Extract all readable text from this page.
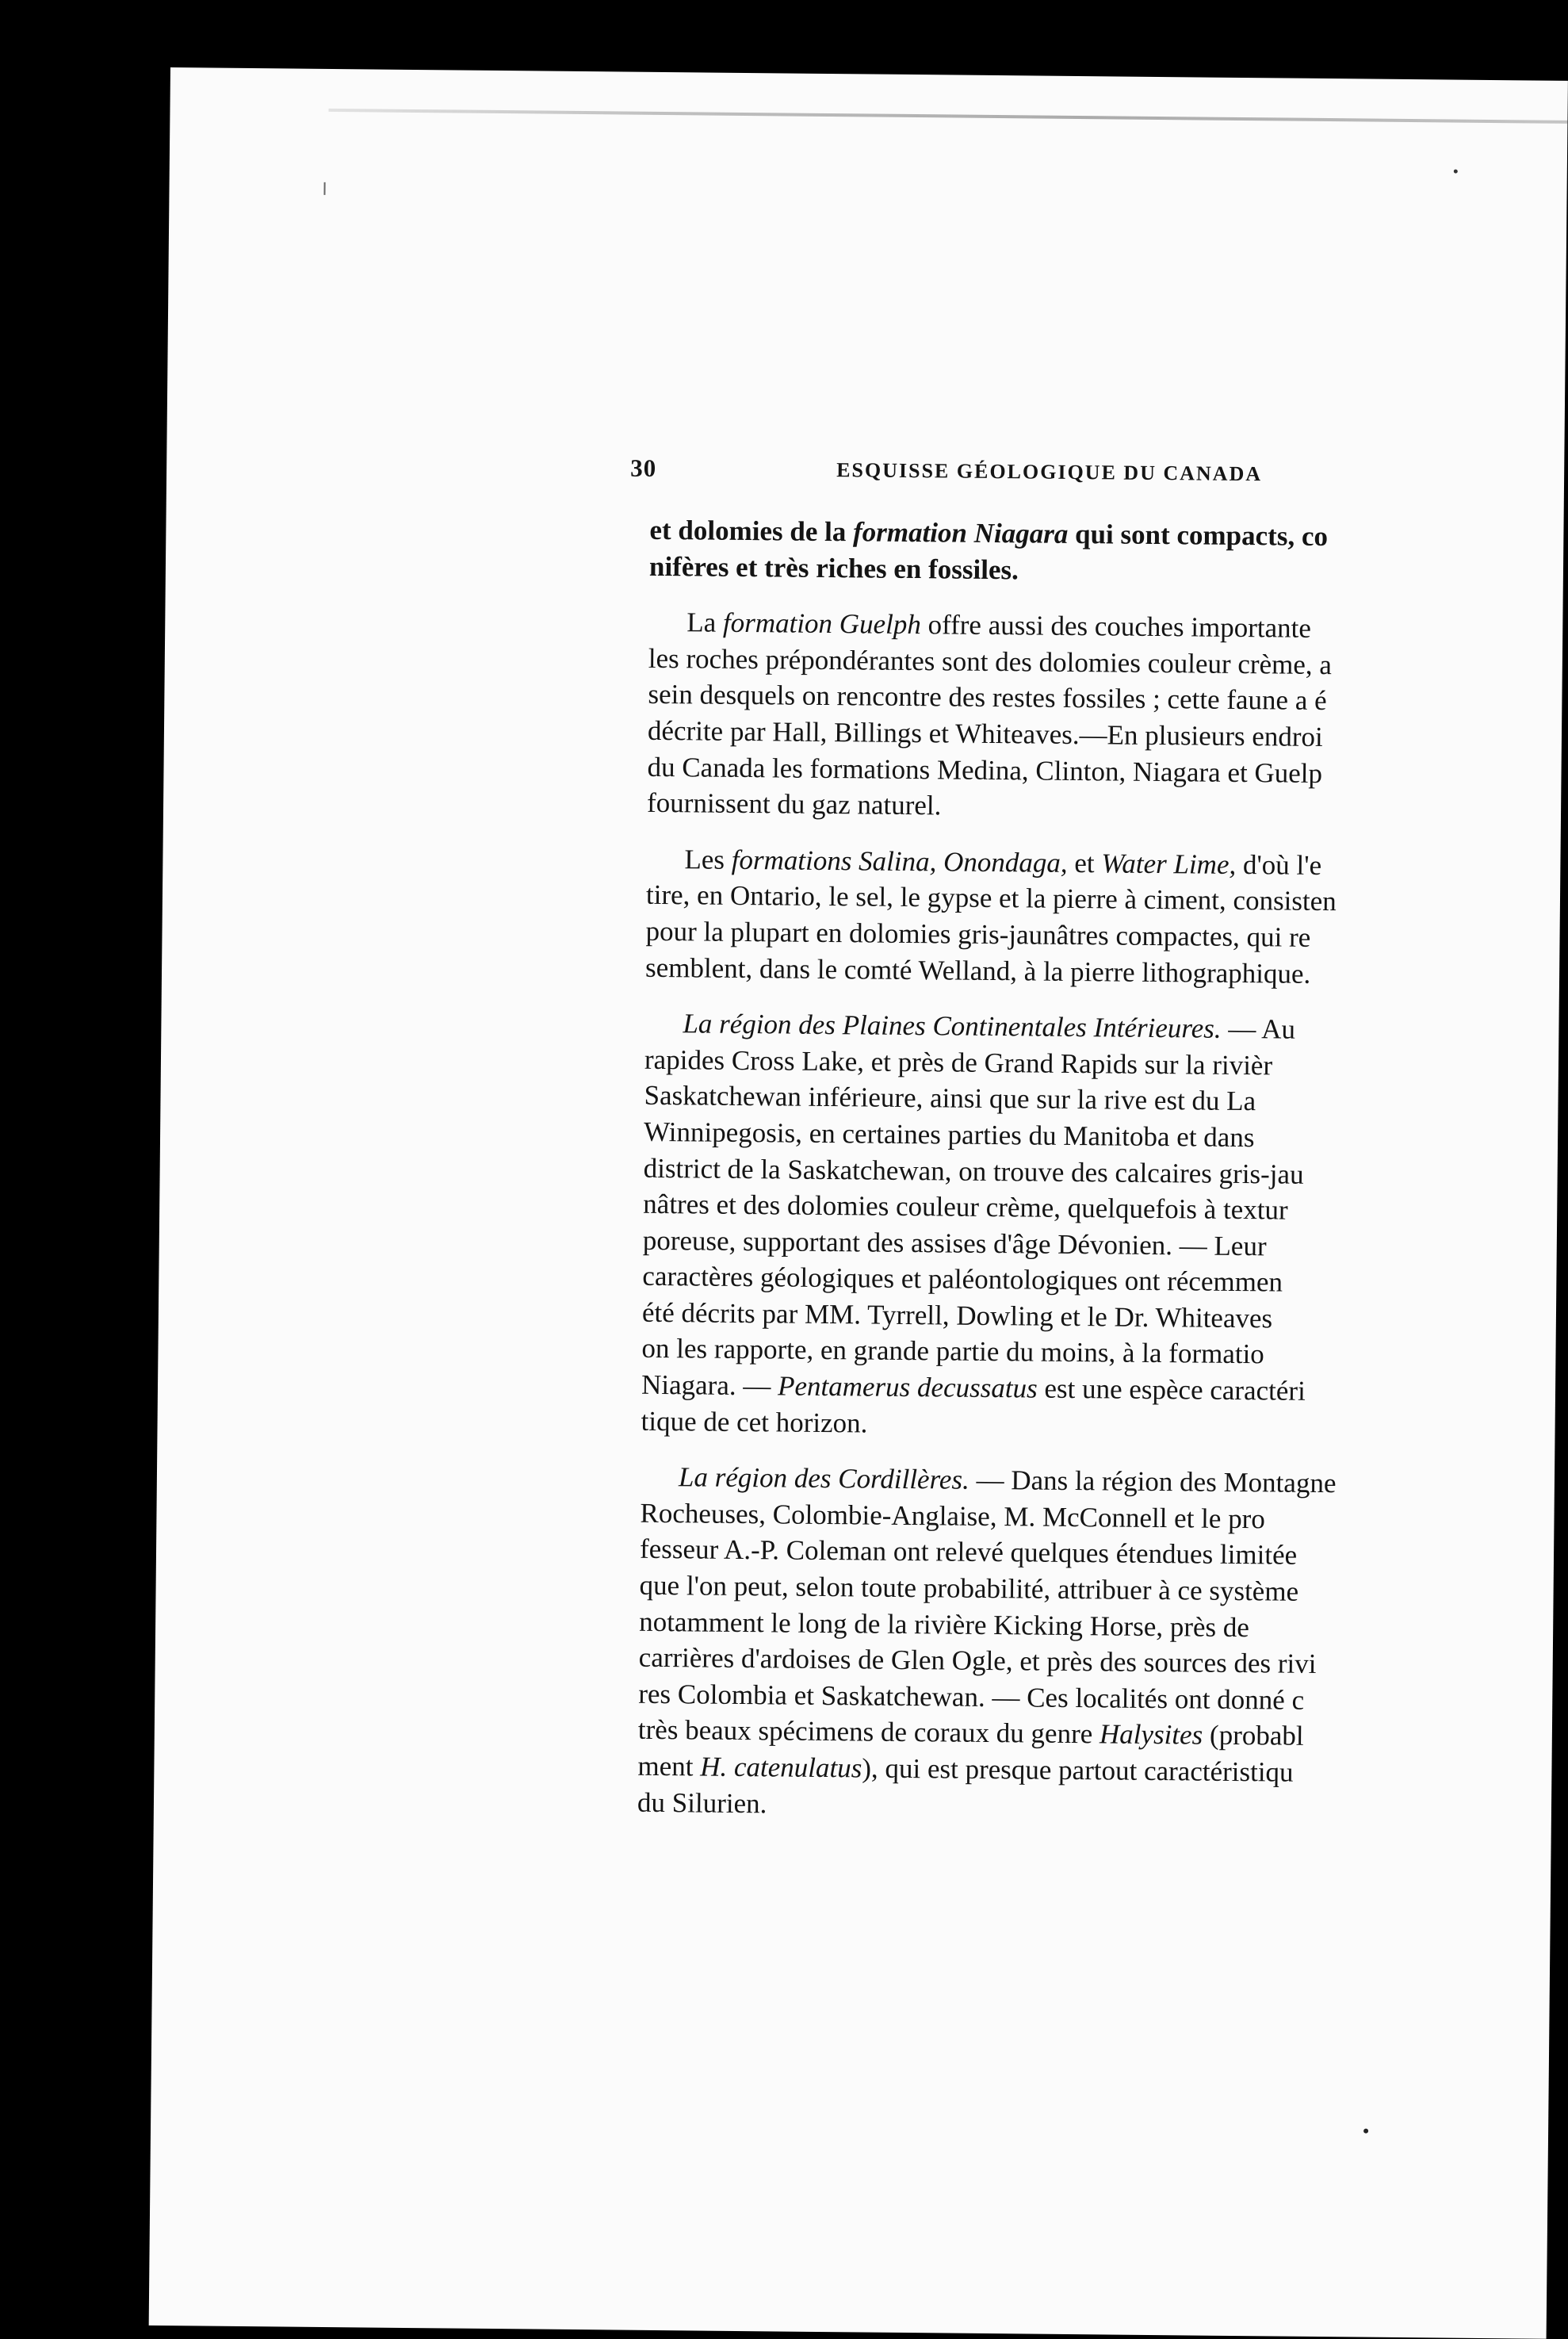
30	ESQUISSE GÉOLOGIQUE DU CANADA

et dolomies de la formation Niagara qui sont compacts, co

nifères et très riches en fossiles.

La formation Guelph offre aussi des couches importante

les roches prépondérantes sont des dolomies couleur crème, a

sein desquels on rencontre des restes fossiles ; cette faune a é

décrite par Hall, Billings et Whiteaves.—En plusieurs endroi

du Canada les formations Medina, Clinton, Niagara et Guelp

fournissent du gaz naturel.

Les formations Salina, Onondaga, et Water Lime, d'où l'e

tire, en Ontario, le sel, le gypse et la pierre à ciment, consisten

pour la plupart en dolomies gris-jaunâtres compactes, qui re

semblent, dans le comté Welland, à la pierre lithographique.

La région des Plaines Continentales Intérieures. — Au

rapides Cross Lake, et près de Grand Rapids sur la rivièr

Saskatchewan inférieure, ainsi que sur la rive est du La

Winnipegosis, en certaines parties du Manitoba et dans

district de la Saskatchewan, on trouve des calcaires gris-jau

nâtres et des dolomies couleur crème, quelquefois à textur

poreuse, supportant des assises d'âge Dévonien. — Leur

caractères géologiques et paléontologiques ont récemmen

été décrits par MM. Tyrrell, Dowling et le Dr. Whiteaves

on les rapporte, en grande partie du moins, à la formatio

Niagara. — Pentamerus decussatus est une espèce caractéri

tique de cet horizon.

La région des Cordillères. — Dans la région des Montagne

Rocheuses, Colombie-Anglaise, M. McConnell et le pro

fesseur A.-P. Coleman ont relevé quelques étendues limitée

que l'on peut, selon toute probabilité, attribuer à ce système

notamment le long de la rivière Kicking Horse, près de

carrières d'ardoises de Glen Ogle, et près des sources des rivi

res Colombia et Saskatchewan. — Ces localités ont donné c

très beaux spécimens de coraux du genre Halysites (probabl

ment H. catenulatus), qui est presque partout caractéristiqu

du Silurien.
